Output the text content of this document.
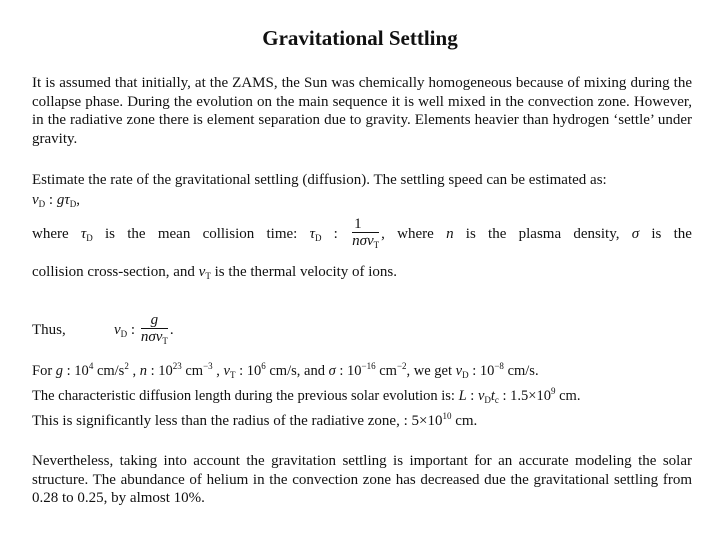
Gravitational Settling
It is assumed that initially, at the ZAMS, the Sun was chemically homogeneous because of mixing during the collapse phase. During the evolution on the main sequence it is well mixed in the convection zone. However, in the radiative zone there is element separation due to gravity. Elements heavier than hydrogen ‘settle’ under gravity.
Estimate the rate of the gravitational settling (diffusion). The settling speed can be estimated as:
$v_D$ : $g\tau_D$,
where $\tau_D$ is the mean collision time: $\tau_D$ : $\frac{1}{n\sigma v_T}$ , where n is the plasma density, σ is the
collision cross-section, and $v_T$ is the thermal velocity of ions.
Thus,	$v_D$ : $\frac{g}{n\sigma v_T}$ .
For g : $10^4$ $cm/s^2$ , n : $10^{23}$ $cm^{-3}$ , $v_T$ : $10^6$ cm/s, and σ : $10^{-16}$ $cm^{-2}$, we get $v_D$ : $10^{-8}$ cm/s.
The characteristic diffusion length during the previous solar evolution is: L : $v_Dt_c$ : $1.5\times 10^9$ cm.
This is significantly less than the radius of the radiative zone, : $5\times 10^{10}$ cm.
Nevertheless, taking into account the gravitation settling is important for an accurate modeling the solar structure. The abundance of helium in the convection zone has decreased due the gravitational settling from 0.28 to 0.25, by almost 10%.
